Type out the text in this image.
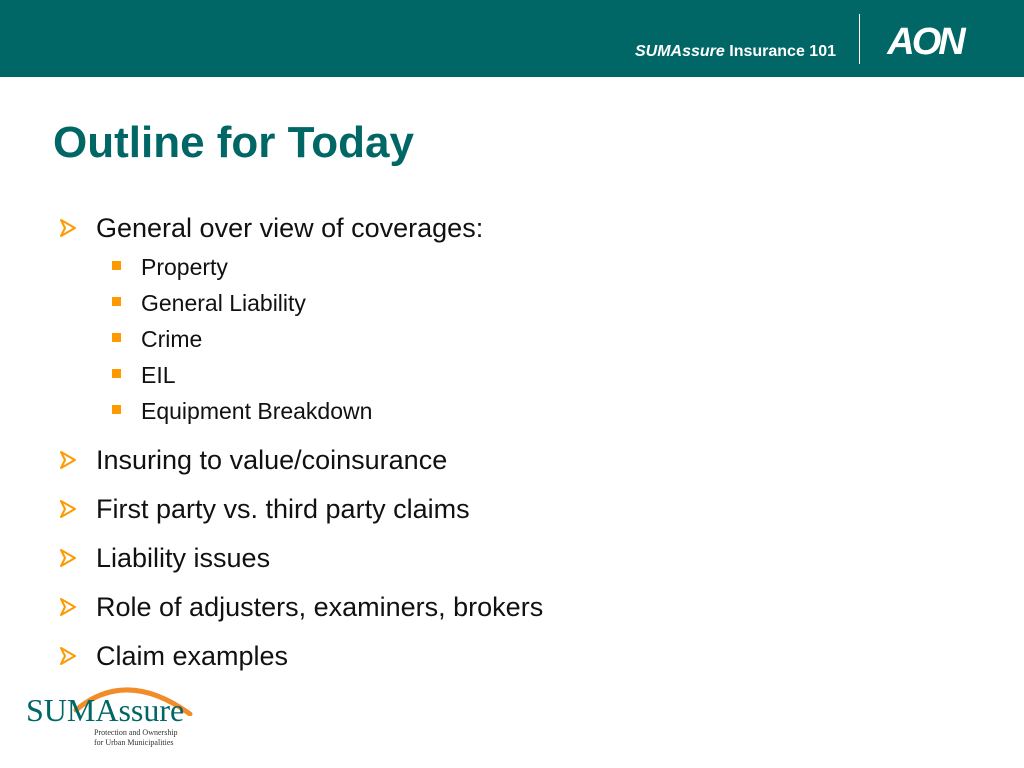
SUMAssure Insurance 101 AON
Outline for Today
General over view of coverages:
Property
General Liability
Crime
EIL
Equipment Breakdown
Insuring to value/coinsurance
First party vs. third party claims
Liability issues
Role of adjusters, examiners, brokers
Claim examples
SUMAssure
Protection and Ownership
for Urban Municipalities
